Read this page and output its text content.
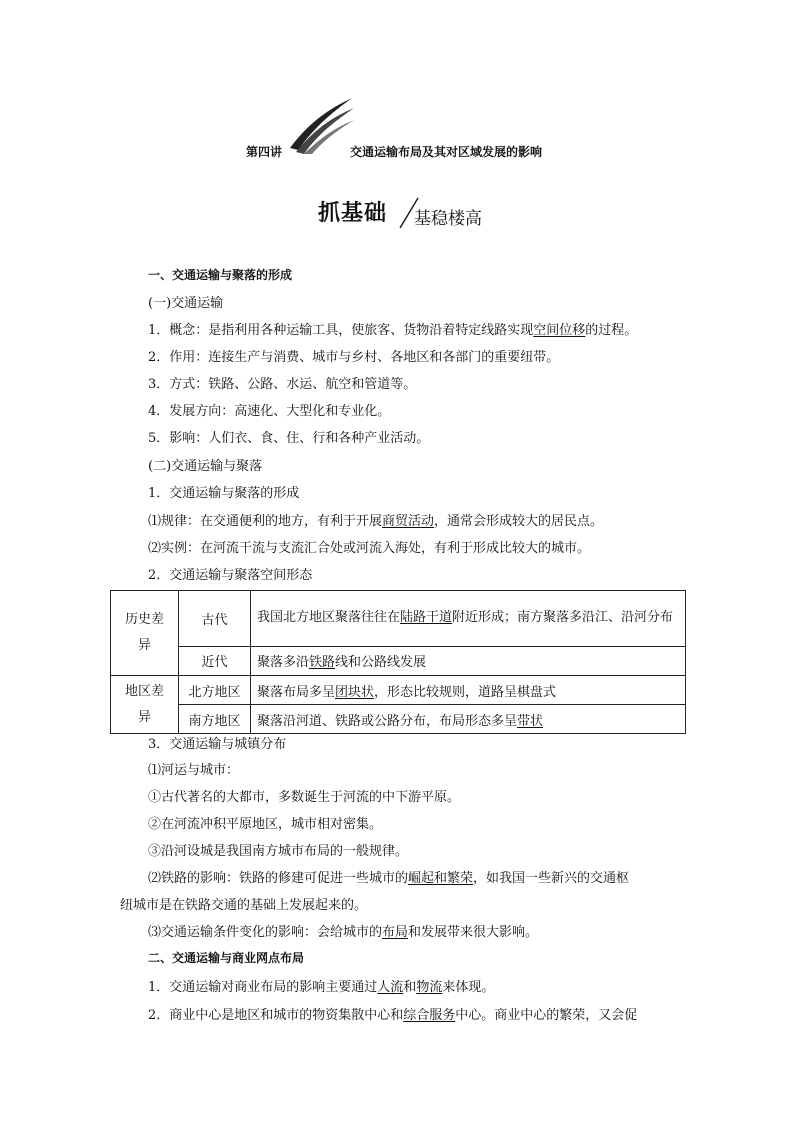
第四讲	交通运输布局及其对区域发展的影响
抓基础 基稳楼高
一、交通运输与聚落的形成
(一)交通运输
1．概念：是指利用各种运输工具，使旅客、货物沿着特定线路实现空间位移的过程。
2．作用：连接生产与消费、城市与乡村、各地区和各部门的重要纽带。
3．方式：铁路、公路、水运、航空和管道等。
4．发展方向：高速化、大型化和专业化。
5．影响：人们衣、食、住、行和各种产业活动。
(二)交通运输与聚落
1．交通运输与聚落的形成
⑴规律：在交通便利的地方，有利于开展商贸活动，通常会形成较大的居民点。
⑵实例：在河流干流与支流汇合处或河流入海处，有利于形成比较大的城市。
2．交通运输与聚落空间形态
历史差异	古代	我国北方地区聚落往往在陆路干道附近形成；南方聚落多沿江、沿河分布
	近代	聚落多沿铁路线和公路线发展

地区差异	北方地区	聚落布局多呈团块状，形态比较规则，道路呈棋盘式
	南方地区	聚落沿河道、铁路或公路分布，布局形态多呈带状
3．交通运输与城镇分布
⑴河运与城市：
①古代著名的大都市，多数诞生于河流的中下游平原。
②在河流冲积平原地区，城市相对密集。
③沿河设城是我国南方城市布局的一般规律。
⑵铁路的影响：铁路的修建可促进一些城市的崛起和繁荣，如我国一些新兴的交通枢
纽城市是在铁路交通的基础上发展起来的。
⑶交通运输条件变化的影响：会给城市的布局和发展带来很大影响。
二、交通运输与商业网点布局
1．交通运输对商业布局的影响主要通过人流和物流来体现。
2．商业中心是地区和城市的物资集散中心和综合服务中心。商业中心的繁荣，又会促
